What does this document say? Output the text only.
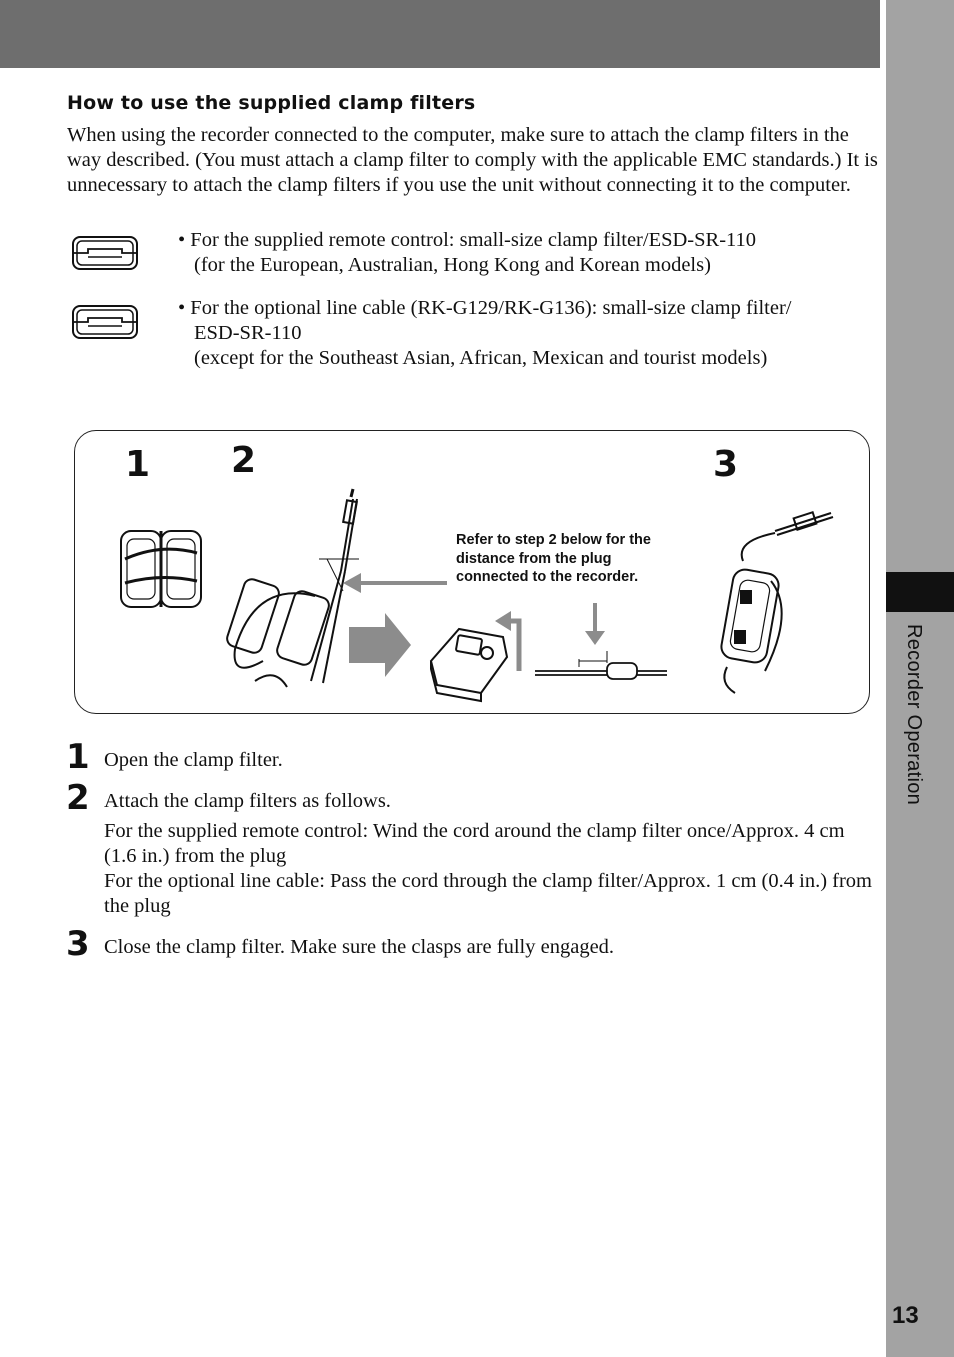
Recorder Operation
13
How to use the supplied clamp filters

When using the recorder connected to the computer, make sure to attach the clamp filters in the way described. (You must attach a clamp filter to comply with the applicable EMC standards.) It is unnecessary to attach the clamp filters if you use the unit without connecting it to the computer.

• For the supplied remote control: small-size clamp filter/ESD-SR-110
(for the European, Australian, Hong Kong and Korean models)
• For the optional line cable (RK-G129/RK-G136): small-size clamp filter/
ESD-SR-110
(except for the Southeast Asian, African, Mexican and tourist models)
1 2	3
Refer to step 2 below for the
distance from the plug
connected to the recorder.
1 Open the clamp filter.

2 Attach the clamp filters as follows.

For the supplied remote control: Wind the cord around the clamp filter once/Approx. 4 cm (1.6 in.) from the plug

For the optional line cable: Pass the cord through the clamp filter/Approx. 1 cm (0.4 in.) from the plug

3 Close the clamp filter. Make sure the clasps are fully engaged.
